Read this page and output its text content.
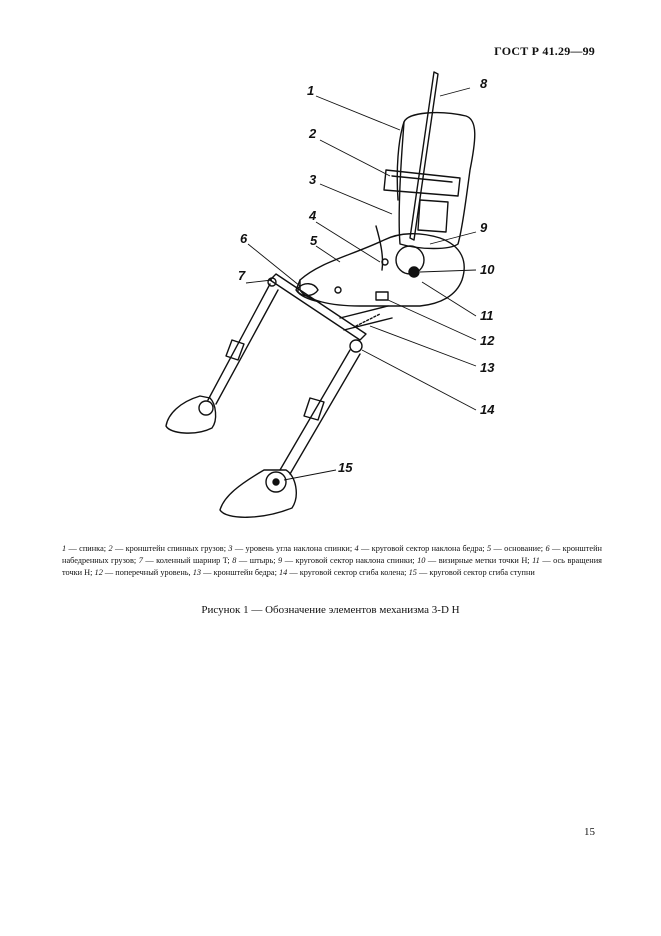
ГОСТ Р 41.29—99
1
2
3
4
5
6
7
8
9
10
11
12
13
14
15
1 — спинка; 2 — кронштейн спинных грузов; 3 — уровень угла наклона спинки; 4 — круговой сектор наклона бедра; 5 — основание; 6 — кронштейн набедренных грузов; 7 — коленный шарнир T; 8 — штырь; 9 — круговой сектор наклона спинки; 10 — визирные метки точки H; 11 — ось вращения точки H; 12 — поперечный уровень, 13 — кронштейн бедра; 14 — круговой сектор сгиба колена; 15 — круговой сектор сгиба ступни
Рисунок 1 — Обозначение элементов механизма 3-D H
15
